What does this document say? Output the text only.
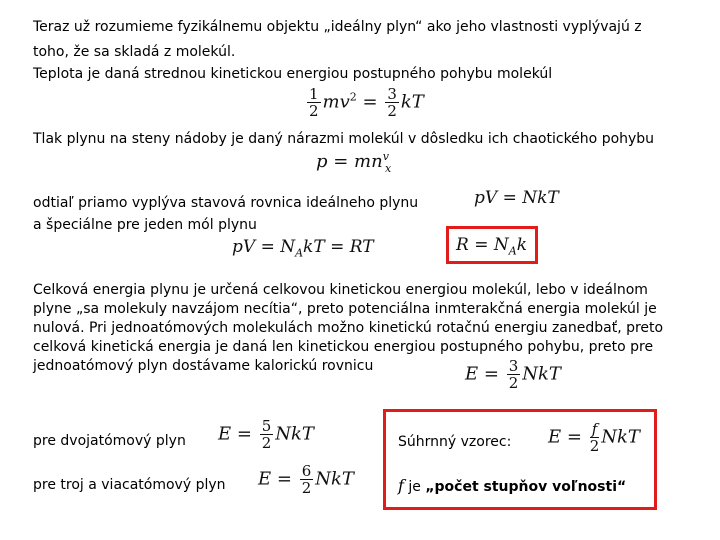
Teraz už rozumieme fyzikálnemu objektu „ideálny plyn“ ako jeho vlastnosti vyplývajú z
toho, že sa skladá z molekúl.
Teplota je daná strednou kinetickou energiou postupného pohybu molekúl
$\frac{1}{2} mv^2 = \frac{3}{2}$ kT
Tlak plynu na steny nádoby je daný nárazmi molekúl v dôsledku ich chaotického pohybu
$p = mn^v_x$
odtiaľ priamo vyplýva stavová rovnica ideálneho plynu	pV = NkT
a špeciálne pre jeden mól plynu
pV = $N_AkT$ = RT	$R = N_Ak$
Celková energia plynu je určená celkovou kinetickou energiou molekúl, lebo v ideálnom plyne „sa molekuly navzájom necítia“, preto potenciálna inmterakčná energia molekúl je nulová. Pri jednoatómových molekulách možno kinetickú rotačnú energiu zanedbať, preto celková kinetická energia je daná len kinetickou energiou postupného pohybu, preto pre jednoatómový plyn dostávame kalorickú rovnicu	$E = \frac{3}{2}$ NkT
pre dvojatómový plyn $E = \frac{5}{2}$ NkT
pre troj a viacatómový plyn $E = \frac{6}{2}$ NkT
Súhrnný vzorec: $E = \frac{f}{2}$ NkT
f je „počet stupňov voľnosti“
